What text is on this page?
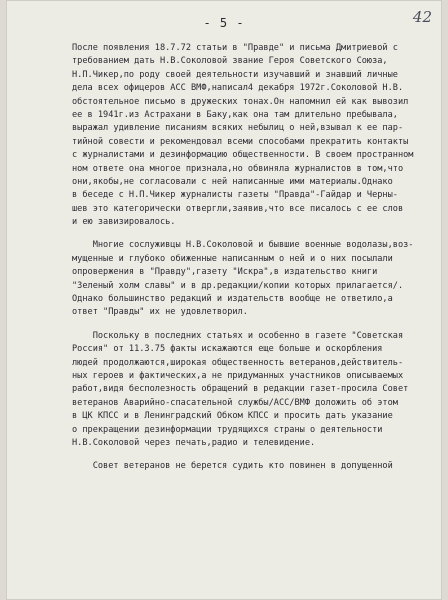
- 5 -	42
После появления 18.7.72 статьи в "Правде" и письма Дмитриевой с
требованием дать Н.В.Соколовой звание Героя Советского Союза,
Н.П.Чикер,по роду своей деятельности изучавший и знавший личные
дела всех офицеров АСС ВМФ,написал4 декабря 1972г.Соколовой Н.В.
обстоятельное письмо в дружеских тонах.Он напомнил ей как вывозил
ее в 1941г.из Астрахани в Баку,как она там длительно пребывала,
выражал удивление писаниям всяких небылиц о ней,взывал к ее пар-
тийной совести и рекомендовал всеми способами прекратить контакты
с журналистами и дезинформацию общественности. В своем пространном
ном ответе она многое признала,но обвиняла журналистов в том,что
они,якобы,не согласовали с ней написанные ими материалы.Однако
в беседе с Н.П.Чикер журналисты газеты "Правда"-Гайдар и Черны-
шев это категорически отвергли,заявив,что все писалось с ее слов
и ею завизировалось.
Многие сослуживцы Н.В.Соколовой и бывшие военные водолазы,воз-
мущенные и глубоко обиженные написанным о ней и о них посылали
опровержения в "Правду",газету "Искра",в издательство книги
"Зеленый холм славы" и в др.редакции/копии которых прилагается/.
Однако большинство редакций и издательств вообще не ответило,а
ответ "Правды" их не удовлетворил.
Поскольку в последних статьях и особенно в газете "Советская
Россия" от 11.3.75 факты искажаются еще больше и оскорбления
людей продолжаются,широкая общественность ветеранов,действитель-
ных героев и фактических,а не придуманных участников описываемых
работ,видя бесполезность обращений в редакции газет-просила Совет
ветеранов Аварийно-спасательной службы/АСС/ВМФ доложить об этом
в ЦК КПСС и в Ленинградский Обком КПСС и просить дать указание
о прекращении дезинформации трудящихся страны о деятельности
Н.В.Соколовой через печать,радио и телевидение.
Совет ветеранов не берется судить кто повинен в допущенной
